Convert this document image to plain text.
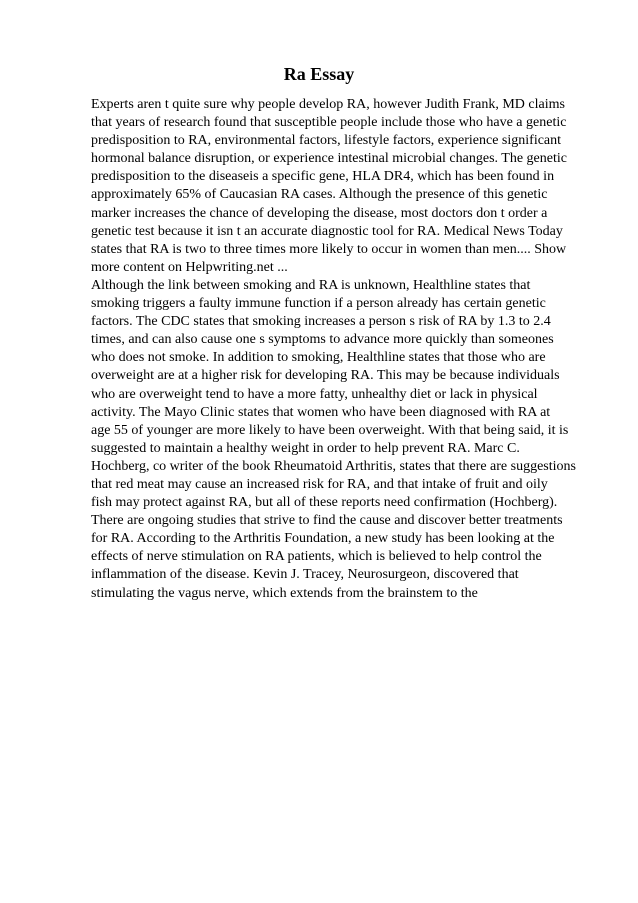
Ra Essay

Experts aren t quite sure why people develop RA, however Judith Frank, MD claims

that years of research found that susceptible people include those who have a genetic

predisposition to RA, environmental factors, lifestyle factors, experience significant

hormonal balance disruption, or experience intestinal microbial changes. The genetic

predisposition to the diseaseis a specific gene, HLA DR4, which has been found in

approximately 65% of Caucasian RA cases. Although the presence of this genetic

marker increases the chance of developing the disease, most doctors don t order a

genetic test because it isn t an accurate diagnostic tool for RA. Medical News Today

states that RA is two to three times more likely to occur in women than men.... Show

more content on Helpwriting.net ...

Although the link between smoking and RA is unknown, Healthline states that

smoking triggers a faulty immune function if a person already has certain genetic

factors. The CDC states that smoking increases a person s risk of RA by 1.3 to 2.4

times, and can also cause one s symptoms to advance more quickly than someones

who does not smoke. In addition to smoking, Healthline states that those who are

overweight are at a higher risk for developing RA. This may be because individuals

who are overweight tend to have a more fatty, unhealthy diet or lack in physical

activity. The Mayo Clinic states that women who have been diagnosed with RA at

age 55 of younger are more likely to have been overweight. With that being said, it is

suggested to maintain a healthy weight in order to help prevent RA. Marc C.

Hochberg, co writer of the book Rheumatoid Arthritis, states that there are suggestions

that red meat may cause an increased risk for RA, and that intake of fruit and oily

fish may protect against RA, but all of these reports need confirmation (Hochberg).

There are ongoing studies that strive to find the cause and discover better treatments

for RA. According to the Arthritis Foundation, a new study has been looking at the

effects of nerve stimulation on RA patients, which is believed to help control the

inflammation of the disease. Kevin J. Tracey, Neurosurgeon, discovered that

stimulating the vagus nerve, which extends from the brainstem to the
